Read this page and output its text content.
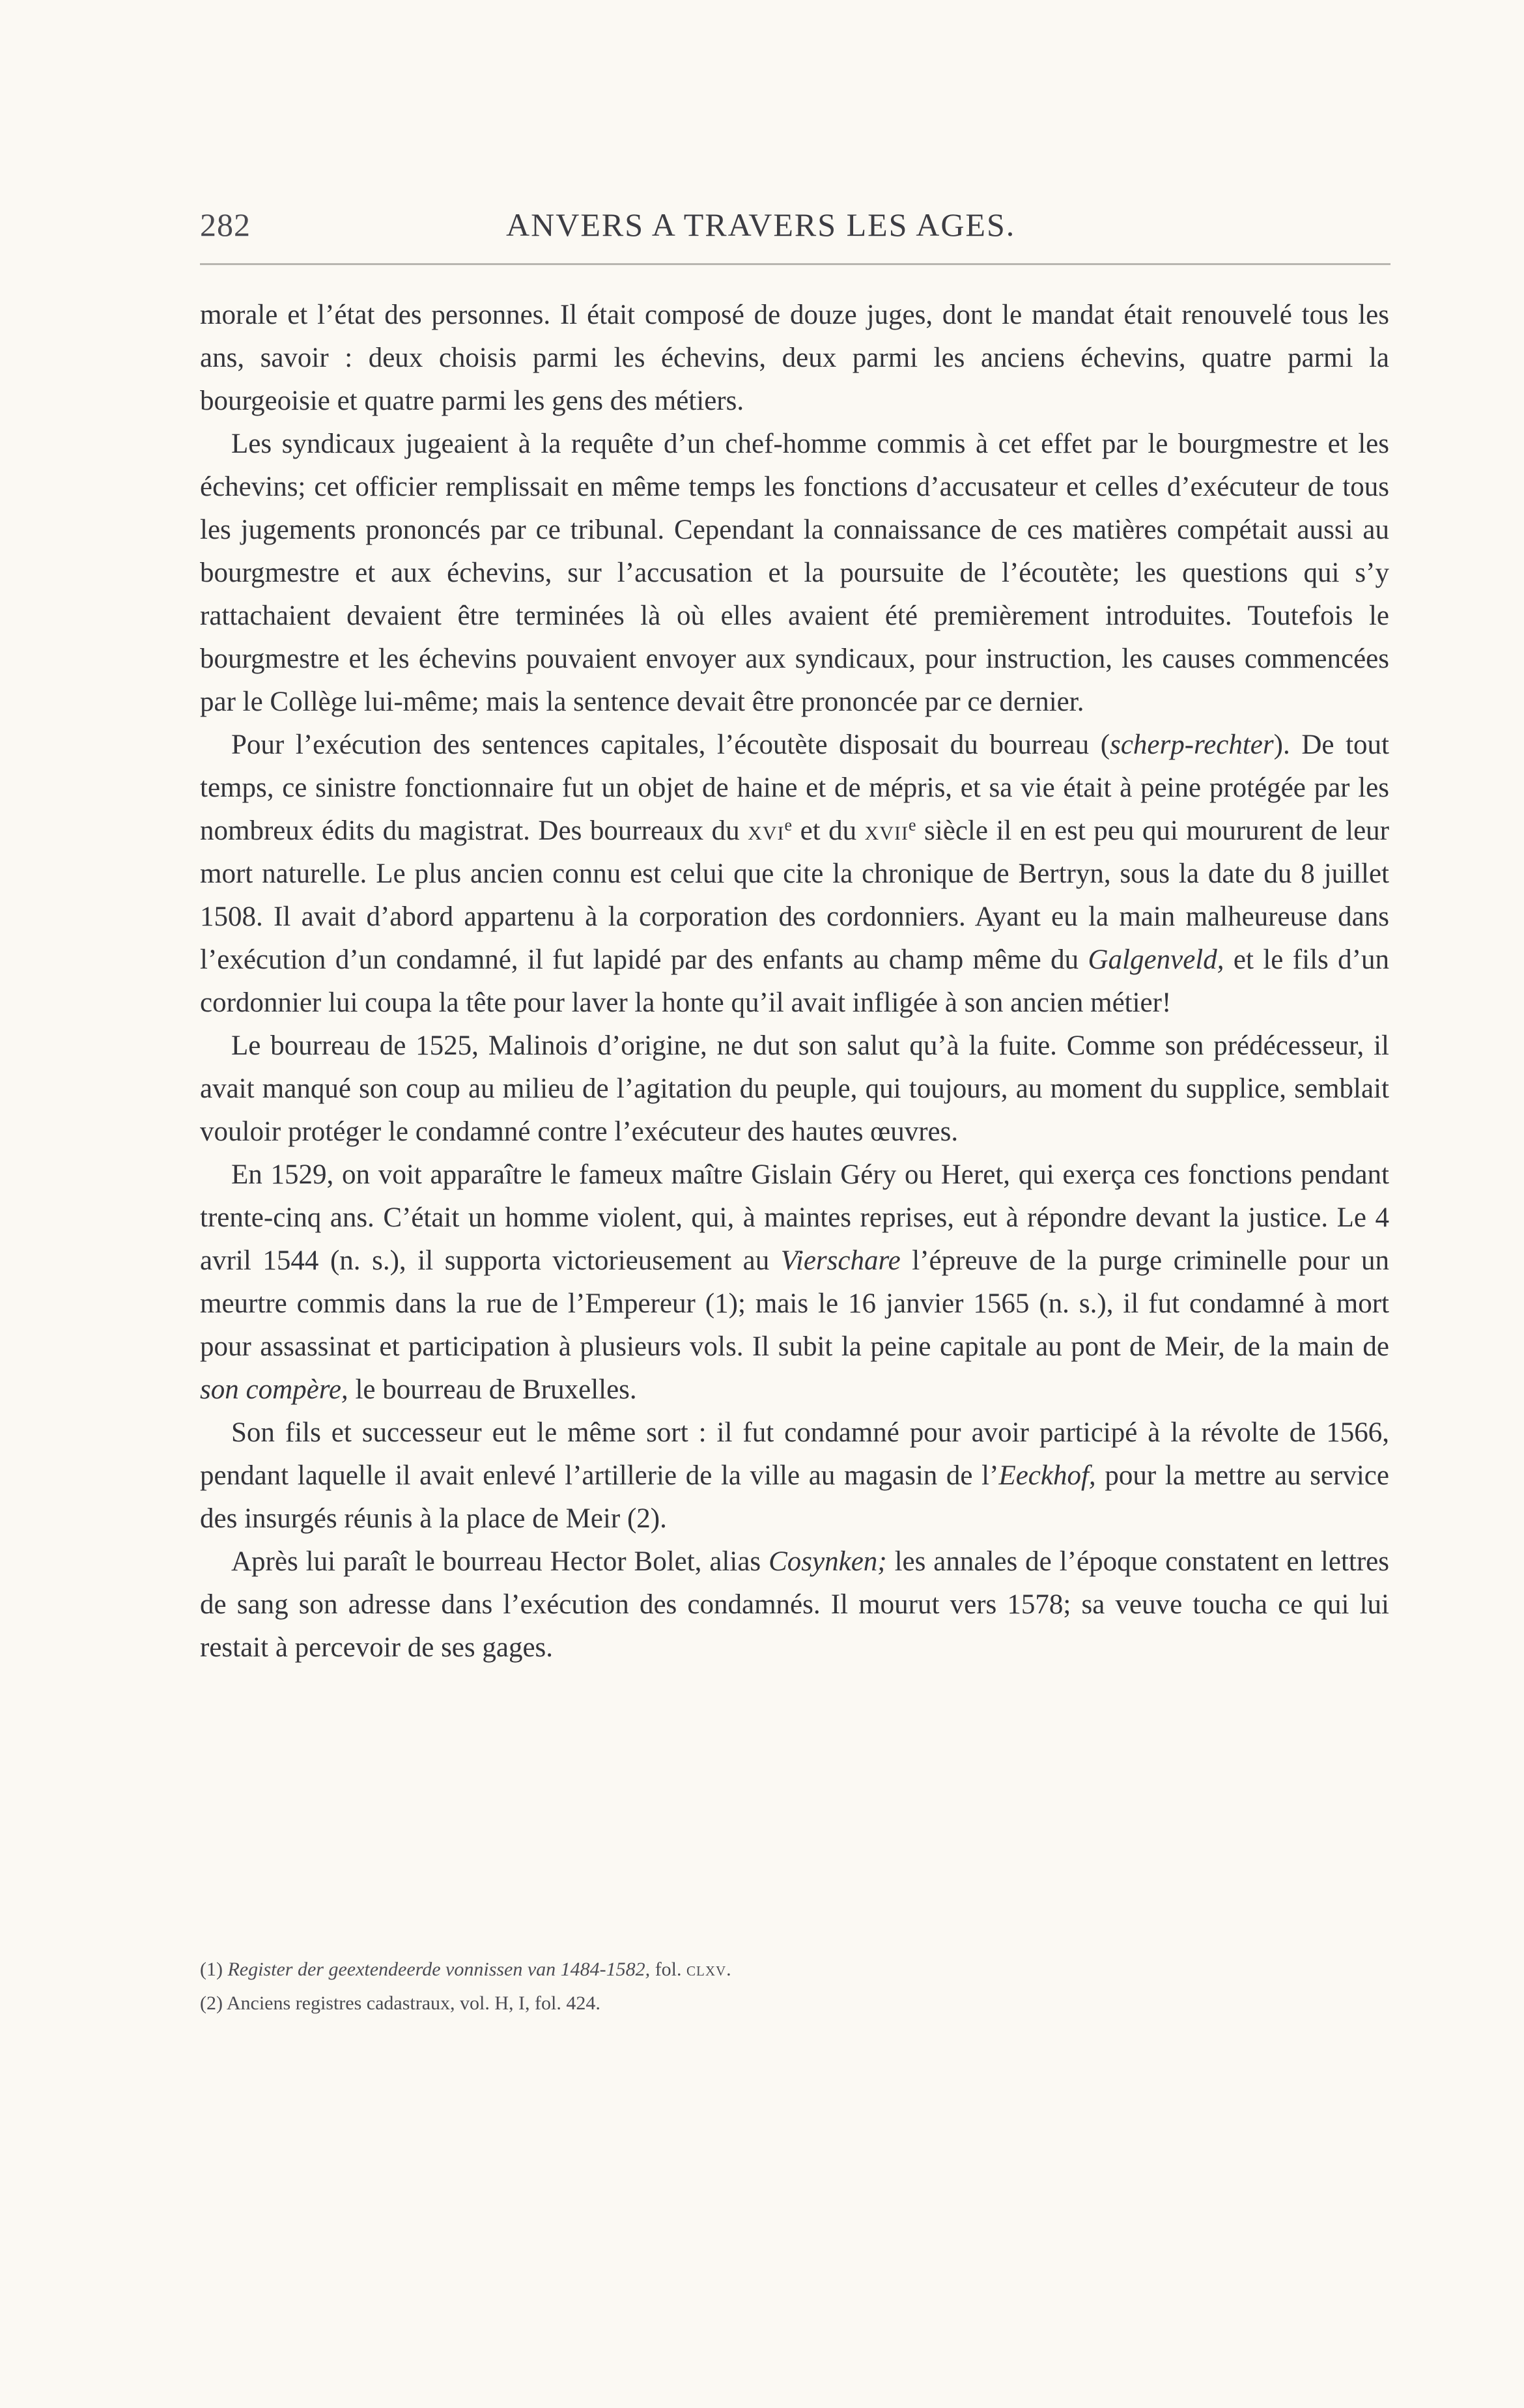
282	ANVERS A TRAVERS LES AGES.

morale et l’état des personnes. Il était composé de douze juges, dont le mandat était renouvelé tous les ans, savoir : deux choisis parmi les échevins, deux parmi les anciens échevins, quatre parmi la bourgeoisie et quatre parmi les gens des métiers.

Les syndicaux jugeaient à la requête d’un chef-homme commis à cet effet par le bourgmestre et les échevins; cet officier remplissait en même temps les fonctions d’accusateur et celles d’exécuteur de tous les jugements prononcés par ce tribunal. Cependant la connaissance de ces matières compétait aussi au bourgmestre et aux échevins, sur l’accusation et la poursuite de l’écoutète; les questions qui s’y rattachaient devaient être terminées là où elles avaient été premièrement introduites. Toutefois le bourgmestre et les échevins pouvaient envoyer aux syndicaux, pour instruction, les causes commencées par le Collège lui-même; mais la sentence devait être prononcée par ce dernier.

Pour l’exécution des sentences capitales, l’écoutète disposait du bourreau (scherp-rechter). De tout temps, ce sinistre fonctionnaire fut un objet de haine et de mépris, et sa vie était à peine protégée par les nombreux édits du magistrat. Des bourreaux du xvi$^e$ et du xvii$^e$ siècle il en est peu qui moururent de leur mort naturelle. Le plus ancien connu est celui que cite la chronique de Bertryn, sous la date du 8 juillet 1508. Il avait d’abord appartenu à la corporation des cordonniers. Ayant eu la main malheureuse dans l’exécution d’un condamné, il fut lapidé par des enfants au champ même du Galgenveld, et le fils d’un cordonnier lui coupa la tête pour laver la honte qu’il avait infligée à son ancien métier!

Le bourreau de 1525, Malinois d’origine, ne dut son salut qu’à la fuite. Comme son prédécesseur, il avait manqué son coup au milieu de l’agitation du peuple, qui toujours, au moment du supplice, semblait vouloir protéger le condamné contre l’exécuteur des hautes œuvres.

En 1529, on voit apparaître le fameux maître Gislain Géry ou Heret, qui exerça ces fonctions pendant trente-cinq ans. C’était un homme violent, qui, à maintes reprises, eut à répondre devant la justice. Le 4 avril 1544 (n. s.), il supporta victorieusement au Vierschare l’épreuve de la purge criminelle pour un meurtre commis dans la rue de l’Empereur (1); mais le 16 janvier 1565 (n. s.), il fut condamné à mort pour assassinat et participation à plusieurs vols. Il subit la peine capitale au pont de Meir, de la main de son compère, le bourreau de Bruxelles.

Son fils et successeur eut le même sort : il fut condamné pour avoir participé à la révolte de 1566, pendant laquelle il avait enlevé l’artillerie de la ville au magasin de l’Eeckhof, pour la mettre au service des insurgés réunis à la place de Meir (2).

Après lui paraît le bourreau Hector Bolet, alias Cosynken; les annales de l’époque constatent en lettres de sang son adresse dans l’exécution des condamnés. Il mourut vers 1578; sa veuve toucha ce qui lui restait à percevoir de ses gages.

(1) Register der geextendeerde vonnissen van 1484-1582, fol. clxv.
(2) Anciens registres cadastraux, vol. H, I, fol. 424.
